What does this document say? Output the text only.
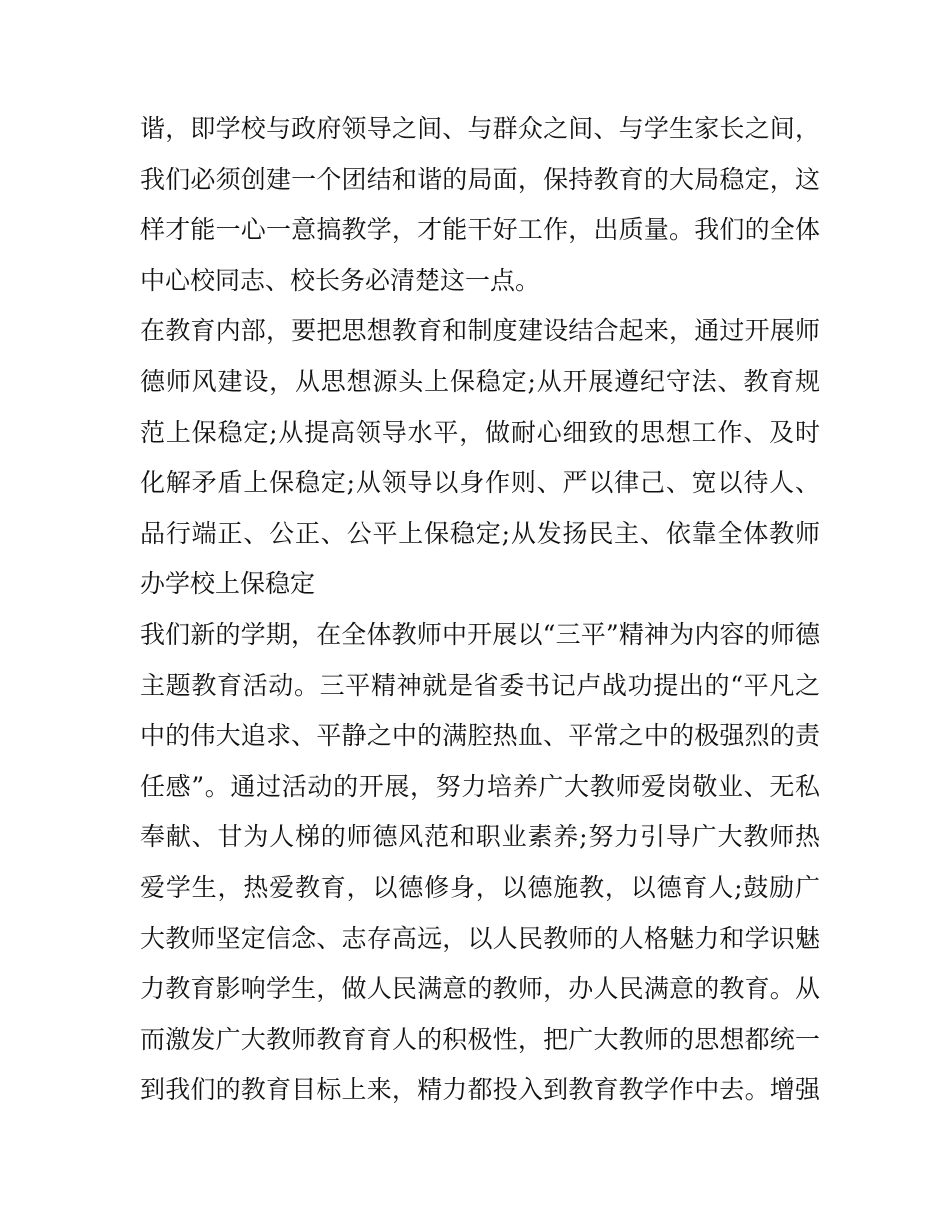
谐，即学校与政府领导之间、与群众之间、与学生家长之间，
我们必须创建一个团结和谐的局面，保持教育的大局稳定，这
样才能一心一意搞教学，才能干好工作，出质量。我们的全体
中心校同志、校长务必清楚这一点。
在教育内部，要把思想教育和制度建设结合起来，通过开展师
德师风建设，从思想源头上保稳定;从开展遵纪守法、教育规
范上保稳定;从提高领导水平，做耐心细致的思想工作、及时
化解矛盾上保稳定;从领导以身作则、严以律己、宽以待人、
品行端正、公正、公平上保稳定;从发扬民主、依靠全体教师
办学校上保稳定
我们新的学期，在全体教师中开展以“三平”精神为内容的师德
主题教育活动。三平精神就是省委书记卢战功提出的“平凡之
中的伟大追求、平静之中的满腔热血、平常之中的极强烈的责
任感”。通过活动的开展，努力培养广大教师爱岗敬业、无私
奉献、甘为人梯的师德风范和职业素养;努力引导广大教师热
爱学生，热爱教育，以德修身，以德施教，以德育人;鼓励广
大教师坚定信念、志存高远，以人民教师的人格魅力和学识魅
力教育影响学生，做人民满意的教师，办人民满意的教育。从
而激发广大教师教育育人的积极性，把广大教师的思想都统一
到我们的教育目标上来，精力都投入到教育教学作中去。增强
